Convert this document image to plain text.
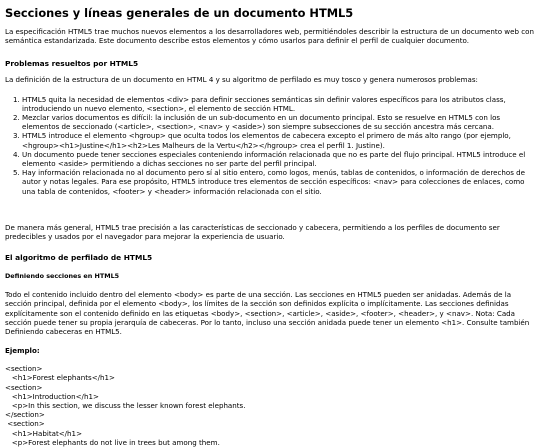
Secciones y líneas generales de un documento HTML5

La especificación HTML5 trae muchos nuevos elementos a los desarrolladores web, permitiéndoles describir la estructura de un documento web con semántica estandarizada. Este documento describe estos elementos y cómo usarlos para definir el perfil de cualquier documento.

Problemas resueltos por HTML5

La definición de la estructura de un documento en HTML 4 y su algoritmo de perfilado es muy tosco y genera numerosos problemas:

1. HTML5 quita la necesidad de elementos <div> para definir secciones semánticas sin definir valores específicos para los atributos class, introduciendo un nuevo elemento, <section>, el elemento de sección HTML.
2. Mezclar varios documentos es difícil: la inclusión de un sub-documento en un documento principal. Esto se resuelve en HTML5 con los elementos de seccionado (<article>, <section>, <nav> y <aside>) son siempre subsecciones de su sección ancestra más cercana.
3. HTML5 introduce el elemento <hgroup> que oculta todos los elementos de cabecera excepto el primero de más alto rango (por ejemplo, <hgroup><h1>Justine</h1><h2>Les Malheurs de la Vertu</h2></hgroup> crea el perfil 1. Justine).
4. Un documento puede tener secciones especiales conteniendo información relacionada que no es parte del flujo principal. HTML5 introduce el elemento <aside> permitiendo a dichas secciones no ser parte del perfil principal.
5. Hay información relacionada no al documento pero sí al sitio entero, como logos, menús, tablas de contenidos, o información de derechos de autor y notas legales. Para ese propósito, HTML5 introduce tres elementos de sección específicos: <nav> para colecciones de enlaces, como una tabla de contenidos, <footer> y <header> información relacionada con el sitio.

De manera más general, HTML5 trae precisión a las características de seccionado y cabecera, permitiendo a los perfiles de documento ser predecibles y usados por el navegador para mejorar la experiencia de usuario.

El algoritmo de perfilado de HTML5
Definiendo secciones en HTML5

Todo el contenido incluido dentro del elemento <body> es parte de una sección. Las secciones en HTML5 pueden ser anidadas. Además de la sección principal, definida por el elemento <body>, los límites de la sección son definidos explícita o implícitamente. Las secciones definidas explícitamente son el contenido definido en las etiquetas <body>, <section>, <article>, <aside>, <footer>, <header>, y <nav>. Nota: Cada sección puede tener su propia jerarquía de cabeceras. Por lo tanto, incluso una sección anidada puede tener un elemento <h1>. Consulte también Definiendo cabeceras en HTML5.

Ejemplo:
<section>
<h1>Forest elephants</h1>
<section>
<h1>Introduction</h1>
<p>In this section, we discuss the lesser known forest elephants.
</section>
<section>
<h1>Habitat</h1>
<p>Forest elephants do not live in trees but among them.
